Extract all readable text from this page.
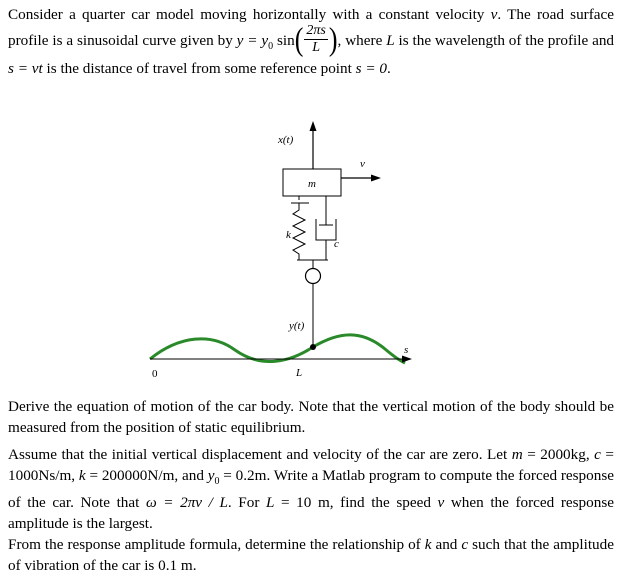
Consider a quarter car model moving horizontally with a constant velocity v. The road surface profile is a sinusoidal curve given by $y = y_0$ $\sin( \frac{2\pi s}{L}$ ), where L is the wavelength of the profile and s = vt is the distance of travel from some reference point s = 0.
x(t)
m
v
k
c
y(t)
s
L
0
Derive the equation of motion of the car body. Note that the vertical motion of the body should be measured from the position of static equilibrium.
Assume that the initial vertical displacement and velocity of the car are zero. Let m = 2000kg, c = 1000Ns/m, k = 200000N/m, and $y_0 = 0.2m$. Write a Matlab program to compute the forced response of the car. Note that ω = 2πv / L. For L = 10 m, find the speed v when the forced response amplitude is the largest.
From the response amplitude formula, determine the relationship of k and c such that the amplitude of vibration of the car is 0.1 m.
